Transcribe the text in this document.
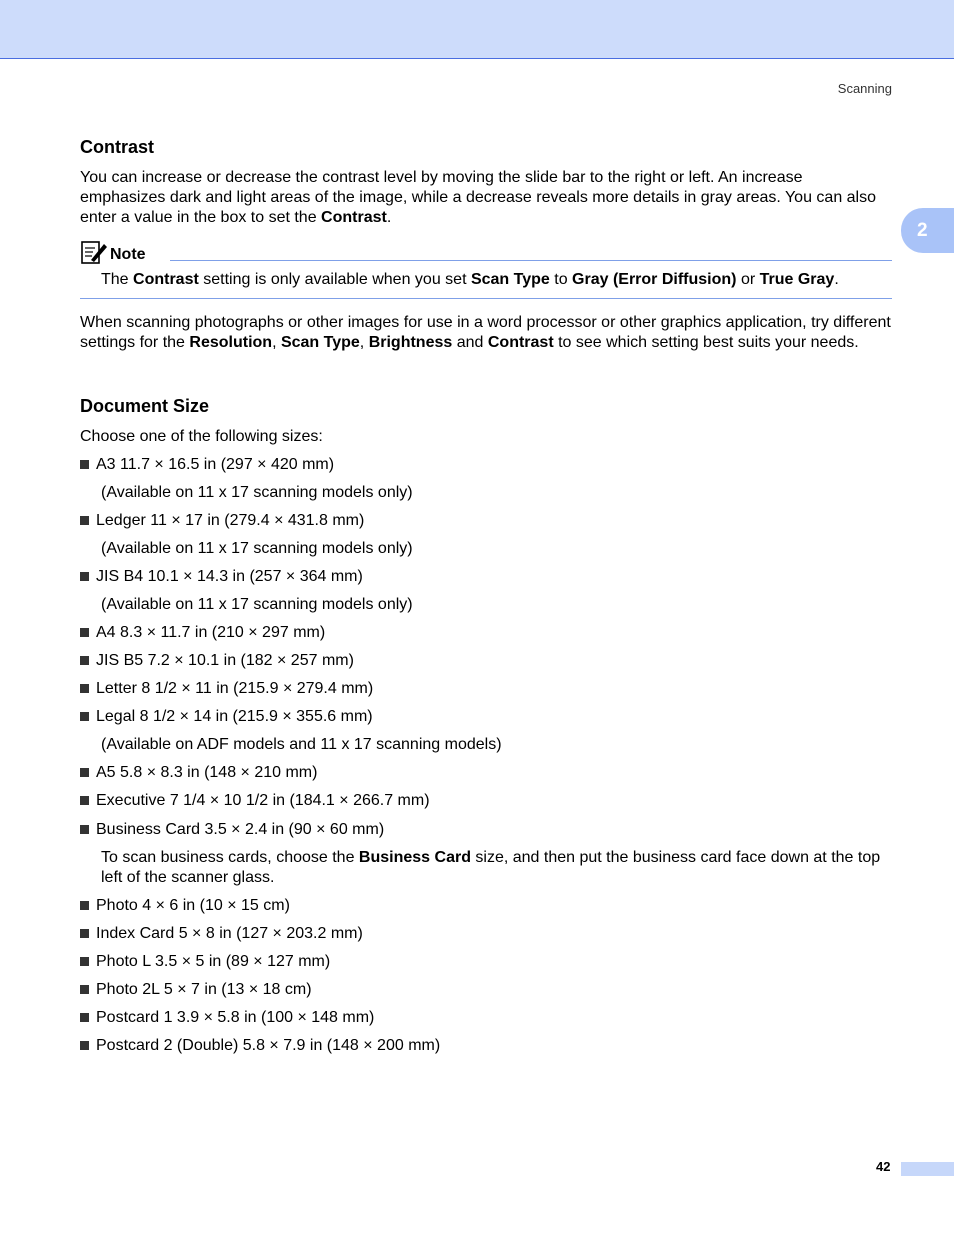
Scanning
2
Contrast
You can increase or decrease the contrast level by moving the slide bar to the right or left. An increase emphasizes dark and light areas of the image, while a decrease reveals more details in gray areas. You can also enter a value in the box to set the Contrast.
Note
The Contrast setting is only available when you set Scan Type to Gray (Error Diffusion) or True Gray.
When scanning photographs or other images for use in a word processor or other graphics application, try different settings for the Resolution, Scan Type, Brightness and Contrast to see which setting best suits your needs.
Document Size
Choose one of the following sizes:
A3 11.7 × 16.5 in (297 × 420 mm)
(Available on 11 x 17 scanning models only)
Ledger 11 × 17 in (279.4 × 431.8 mm)
(Available on 11 x 17 scanning models only)
JIS B4 10.1 × 14.3 in (257 × 364 mm)
(Available on 11 x 17 scanning models only)
A4 8.3 × 11.7 in (210 × 297 mm)
JIS B5 7.2 × 10.1 in (182 × 257 mm)
Letter 8 1/2 × 11 in (215.9 × 279.4 mm)
Legal 8 1/2 × 14 in (215.9 × 355.6 mm)
(Available on ADF models and 11 x 17 scanning models)
A5 5.8 × 8.3 in (148 × 210 mm)
Executive 7 1/4 × 10 1/2 in (184.1 × 266.7 mm)
Business Card 3.5 × 2.4 in (90 × 60 mm)
To scan business cards, choose the Business Card size, and then put the business card face down at the top left of the scanner glass.
Photo 4 × 6 in (10 × 15 cm)
Index Card 5 × 8 in (127 × 203.2 mm)
Photo L 3.5 × 5 in (89 × 127 mm)
Photo 2L 5 × 7 in (13 × 18 cm)
Postcard 1 3.9 × 5.8 in (100 × 148 mm)
Postcard 2 (Double) 5.8 × 7.9 in (148 × 200 mm)
42
